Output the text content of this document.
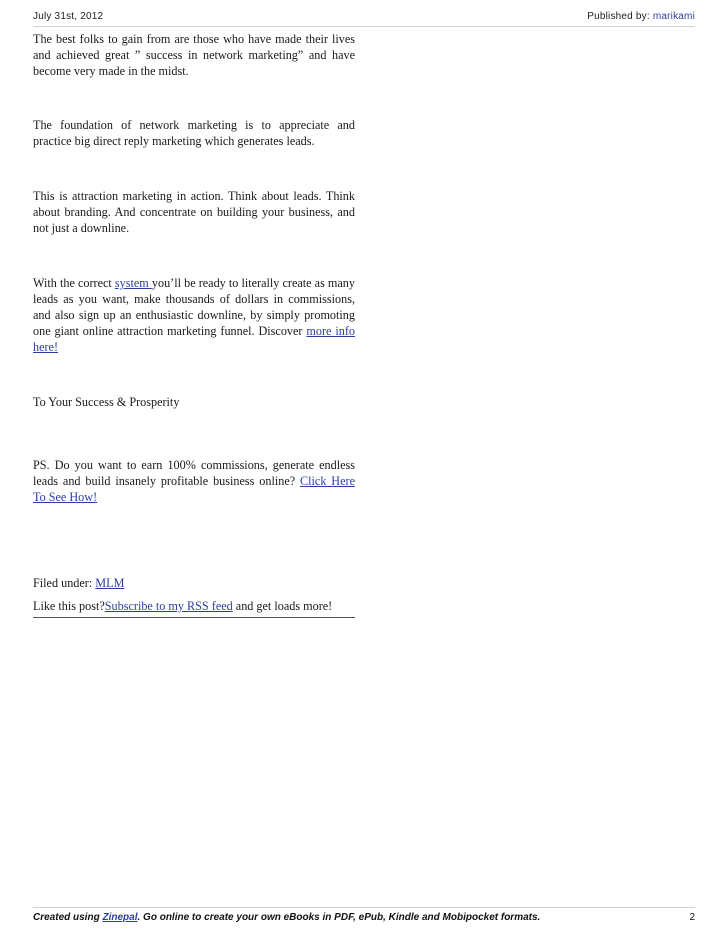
July 31st, 2012	Published by: marikami

The best folks to gain from are those who have made their lives and achieved great ” success in network marketing” and have become very made in the midst.

The foundation of network marketing is to appreciate and practice big direct reply marketing which generates leads.

This is attraction marketing in action. Think about leads. Think about branding. And concentrate on building your business, and not just a downline.

With the correct system you’ll be ready to literally create as many leads as you want, make thousands of dollars in commissions, and also sign up an enthusiastic downline, by simply promoting one giant online attraction marketing funnel. Discover more info here!

To Your Success & Prosperity

PS. Do you want to earn 100% commissions, generate endless leads and build insanely profitable business online? Click Here To See How!

Filed under: MLM

Like this post?Subscribe to my RSS feed and get loads more!

Created using Zinepal. Go online to create your own eBooks in PDF, ePub, Kindle and Mobipocket formats.	2
